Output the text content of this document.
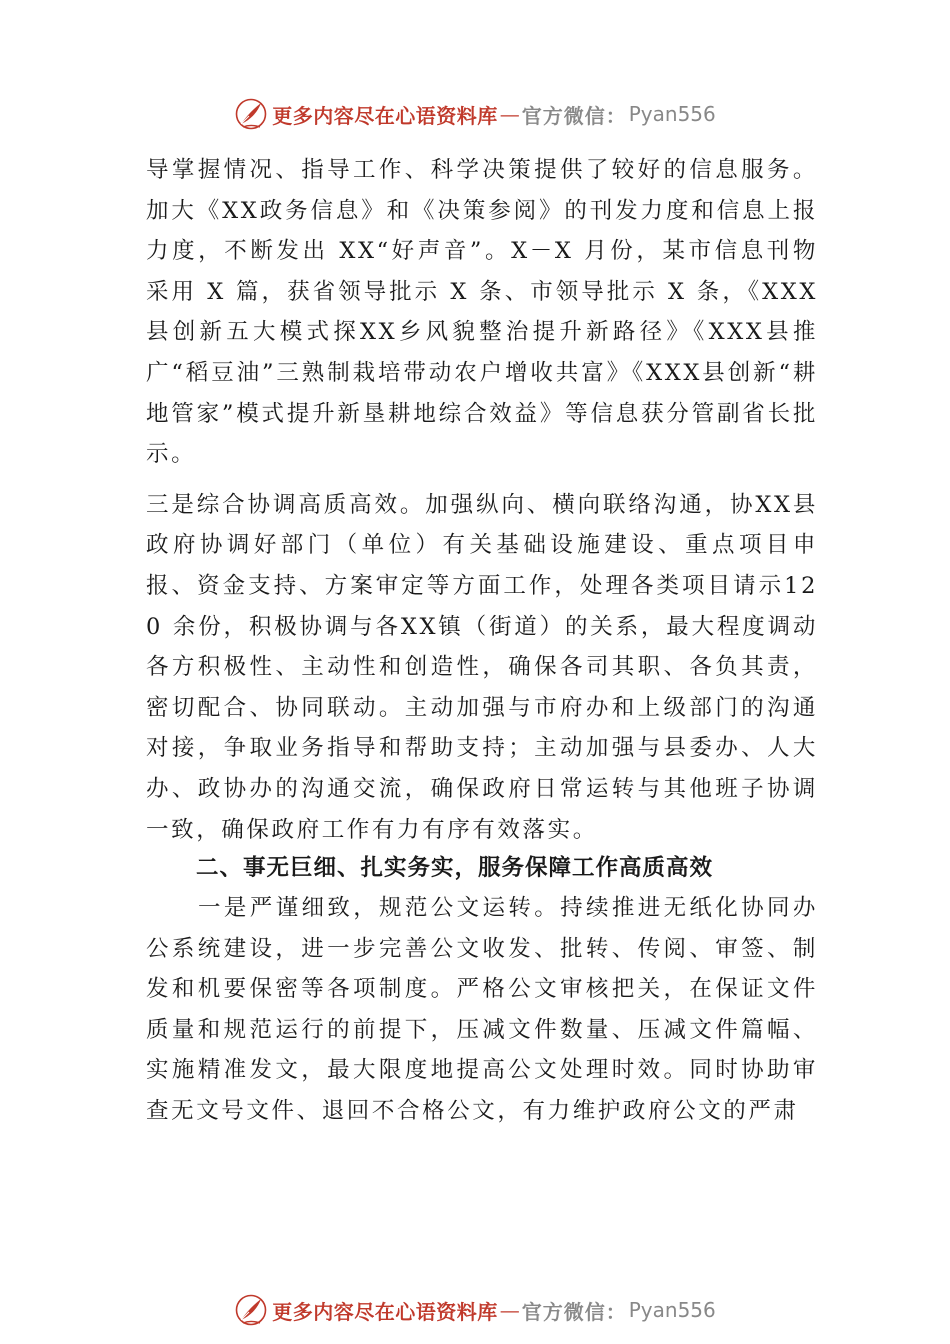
更多内容尽在心语资料库 — 官方微信： Pyan556

导掌握情况、指导工作、科学决策提供了较好的信息服务。 加大《XX政务信息》和《决策参阅》的刊发力度和信息上报力度，不断发出 XX“好声音”。X－X 月份，某市信息刊物采用 X 篇，获省领导批示 X 条、市领导批示 X 条，《XXX县创新五大模式探XX乡风貌整治提升新路径》《XXX县推广“稻豆油”三熟制栽培带动农户增收共富》《XXX县创新“耕地管家”模式提升新垦耕地综合效益》等信息获分管副省长批示。

三是综合协调高质高效。加强纵向、横向联络沟通，协XX县政府协调好部门（单位）有关基础设施建设、重点项目申报、资金支持、方案审定等方面工作，处理各类项目请示120 余份，积极协调与各XX镇（街道）的关系，最大程度调动各方积极性、主动性和创造性，确保各司其职、各负其责， 密切配合、协同联动。主动加强与市府办和上级部门的沟通对接，争取业务指导和帮助支持；主动加强与县委办、人大办、政协办的沟通交流，确保政府日常运转与其他班子协调一致，确保政府工作有力有序有效落实。

二、事无巨细、扎实务实，服务保障工作高质高效

一是严谨细致，规范公文运转。持续推进无纸化协同办公系统建设，进一步完善公文收发、批转、传阅、审签、制发和机要保密等各项制度。严格公文审核把关，在保证文件质量和规范运行的前提下，压减文件数量、压减文件篇幅、 实施精准发文，最大限度地提高公文处理时效。同时协助审查无文号文件、退回不合格公文，有力维护政府公文的严肃

更多内容尽在心语资料库 — 官方微信： Pyan556
